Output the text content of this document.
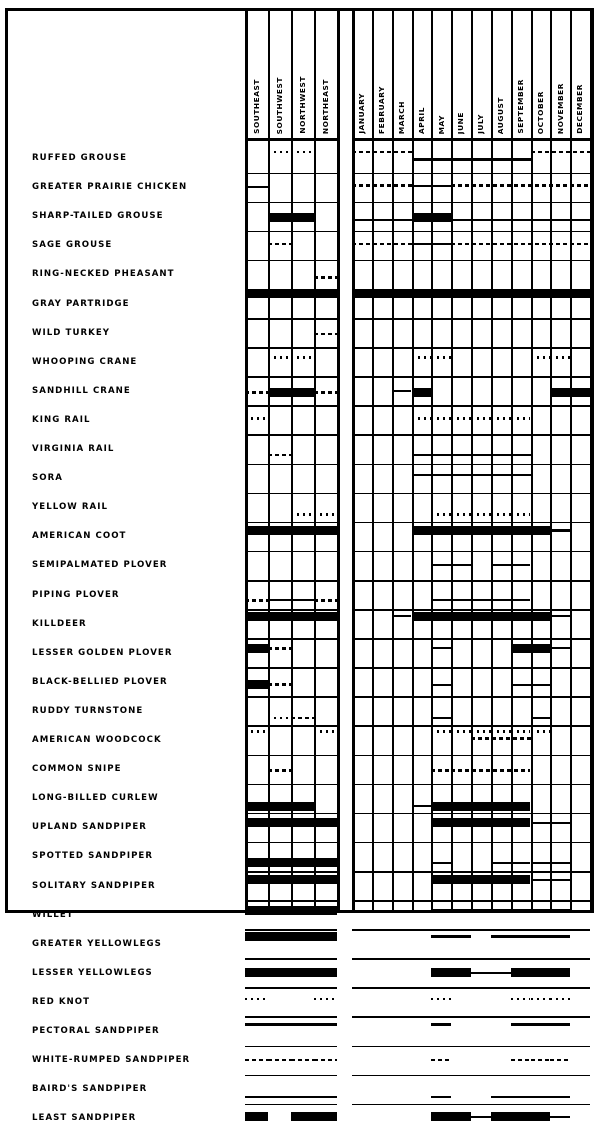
SOUTHEAST SOUTHWEST NORTHWEST NORTHEAST	JANUARY FEBRUARY MARCH APRIL MAY JUNE JULY AUGUST SEPTEMBER OCTOBER NOVEMBER DECEMBER
RUFFED GROUSE
GREATER PRAIRIE CHICKEN
SHARP-TAILED GROUSE
SAGE GROUSE
RING-NECKED PHEASANT
GRAY PARTRIDGE
WILD TURKEY
WHOOPING CRANE
SANDHILL CRANE
KING RAIL
VIRGINIA RAIL
SORA
YELLOW RAIL
AMERICAN COOT
SEMIPALMATED PLOVER
PIPING PLOVER
KILLDEER
LESSER GOLDEN PLOVER
BLACK-BELLIED PLOVER
RUDDY TURNSTONE
AMERICAN WOODCOCK
COMMON SNIPE
LONG-BILLED CURLEW
UPLAND SANDPIPER
SPOTTED SANDPIPER
SOLITARY SANDPIPER
WILLET
GREATER YELLOWLEGS
LESSER YELLOWLEGS
RED KNOT
PECTORAL SANDPIPER
WHITE-RUMPED SANDPIPER
BAIRD'S SANDPIPER
LEAST SANDPIPER
